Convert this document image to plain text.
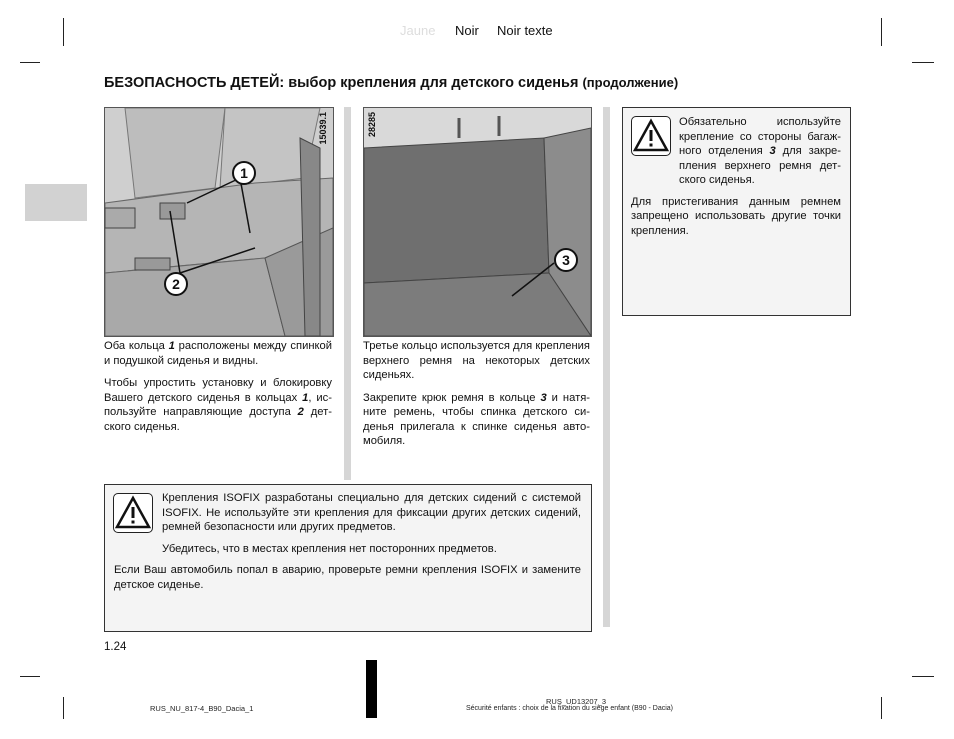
Jaune Noir Noir texte
БЕЗОПАСНОСТЬ ДЕТЕЙ: выбор крепления для детского сиденья (продолжение)
1
2
15039.1
3
28285

Оба кольца 1 расположены между спинкой и подушкой сиденья и видны.

Чтобы упростить установку и блокировку Вашего детского сиденья в кольцах 1, используйте направляющие доступа 2 детского сиденья.

Третье кольцо используется для крепления верхнего ремня на некоторых детских сиденьях.

Закрепите крюк ремня в кольце 3 и натяните ремень, чтобы спинка детского сиденья прилегала к спинке сиденья автомобиля.

Обязательно используйте крепление со стороны багажного отделения 3 для закрепления верхнего ремня детского сиденья.

Для пристегивания данным ремнем запрещено использовать другие точки крепления.

Крепления ISOFIX разработаны специально для детских сидений с системой ISOFIX. Не используйте эти крепления для фиксации других детских сидений, ремней безопасности или других предметов.

Убедитесь, что в местах крепления нет посторонних предметов.

Если Ваш автомобиль попал в аварию, проверьте ремни крепления ISOFIX и замените детское сиденье.

1.24
RUS_NU_817-4_B90_Dacia_1
RUS_UD13207_3
Sécurité enfants : choix de la fixation du siège enfant (B90 - Dacia)
